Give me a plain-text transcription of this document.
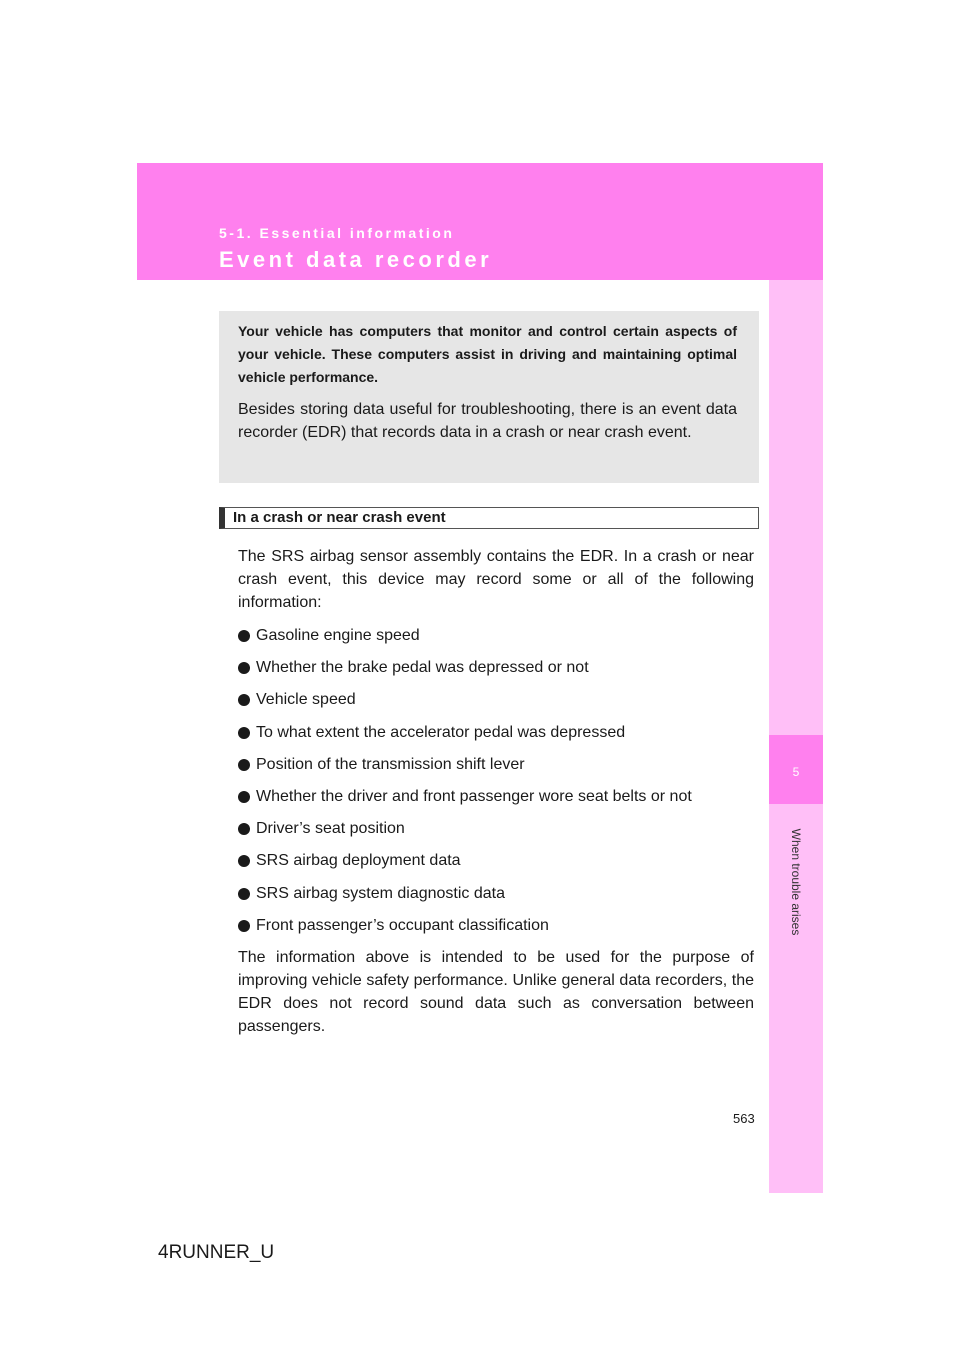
5-1. Essential information
Event data recorder
5
When trouble arises

Your vehicle has computers that monitor and control certain aspects of your vehicle. These computers assist in driving and maintaining optimal vehicle performance.

Besides storing data useful for troubleshooting, there is an event data recorder (EDR) that records data in a crash or near crash event.

In a crash or near crash event

The SRS airbag sensor assembly contains the EDR. In a crash or near crash event, this device may record some or all of the following information:

Gasoline engine speed
Whether the brake pedal was depressed or not
Vehicle speed
To what extent the accelerator pedal was depressed
Position of the transmission shift lever
Whether the driver and front passenger wore seat belts or not
Driver’s seat position
SRS airbag deployment data
SRS airbag system diagnostic data
Front passenger’s occupant classification

The information above is intended to be used for the purpose of improving vehicle safety performance. Unlike general data recorders, the EDR does not record sound data such as conversation between passengers.

563
4RUNNER_U
